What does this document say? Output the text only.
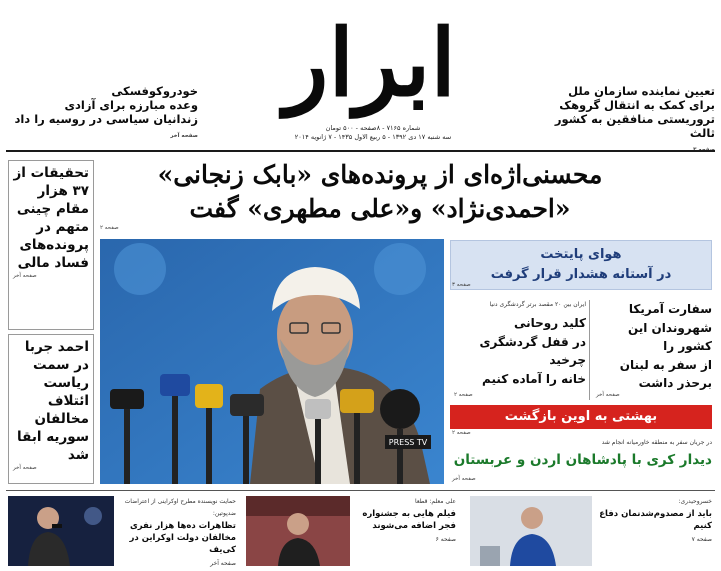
ابرار
شماره ۷۱۶۵ - ۸صفحه - ۵۰۰ تومان
سه شنبه ۱۷ دی ۱۳۹۲ - ۵ ربیع الاول ۱۴۳۵ - ۷ ژانویه ۲۰۱۴
تعیین نماینده سازمان ملل
برای کمک به انتقال گروهک
تروریستی منافقین به کشور ثالث
خودروکوفسکی
وعده مبارزه برای آزادی
زندانیان سیاسی در روسیه را داد
صفحه آخر
محسنی‌اژه‌ای از پرونده‌های «بابک زنجانی»
«احمدی‌نژاد» و«علی مطهری» گفت
صفحه ۲
تحقیقات از ۳۷ هزار مقام چینی متهم در پرونده‌های فساد مالی
صفحه آخر
احمد جربا در سمت ریاست ائتلاف مخالفان سوریه ابقا شد
صفحه آخر
PRESS TV
هوای پایتخت
در آستانه هشدار قرار گرفت
صفحه ۳
سفارت آمریکا
شهروندان این کشور را
از سفر به لبنان
برحذر داشت
صفحه آخر
ایران بین ۲۰ مقصد برتر گردشگری دنیا
کلید روحانی
در قفل گردشگری
چرخید
خانه را آماده کنیم
صفحه ۲
بهشتی به اوین بازگشت
صفحه ۲
در جریان سفر به منطقه خاورمیانه انجام شد
دیدار کری با پادشاهان اردن و عربستان
صفحه آخر
حمایت نویسنده مطرح اوکراینی از اعتراضات ضدپوتین:
تظاهرات ده‌ها هزار نفری مخالفان دولت اوکراین در کی‌یف
صفحه آخر
علی معلم: قطعا
فیلم هایی به جشنواره فجر اضافه می‌شوند
صفحه ۶
خسروحیدری:
باید از مصدوم‌شدنمان دفاع کنیم
صفحه ۷
